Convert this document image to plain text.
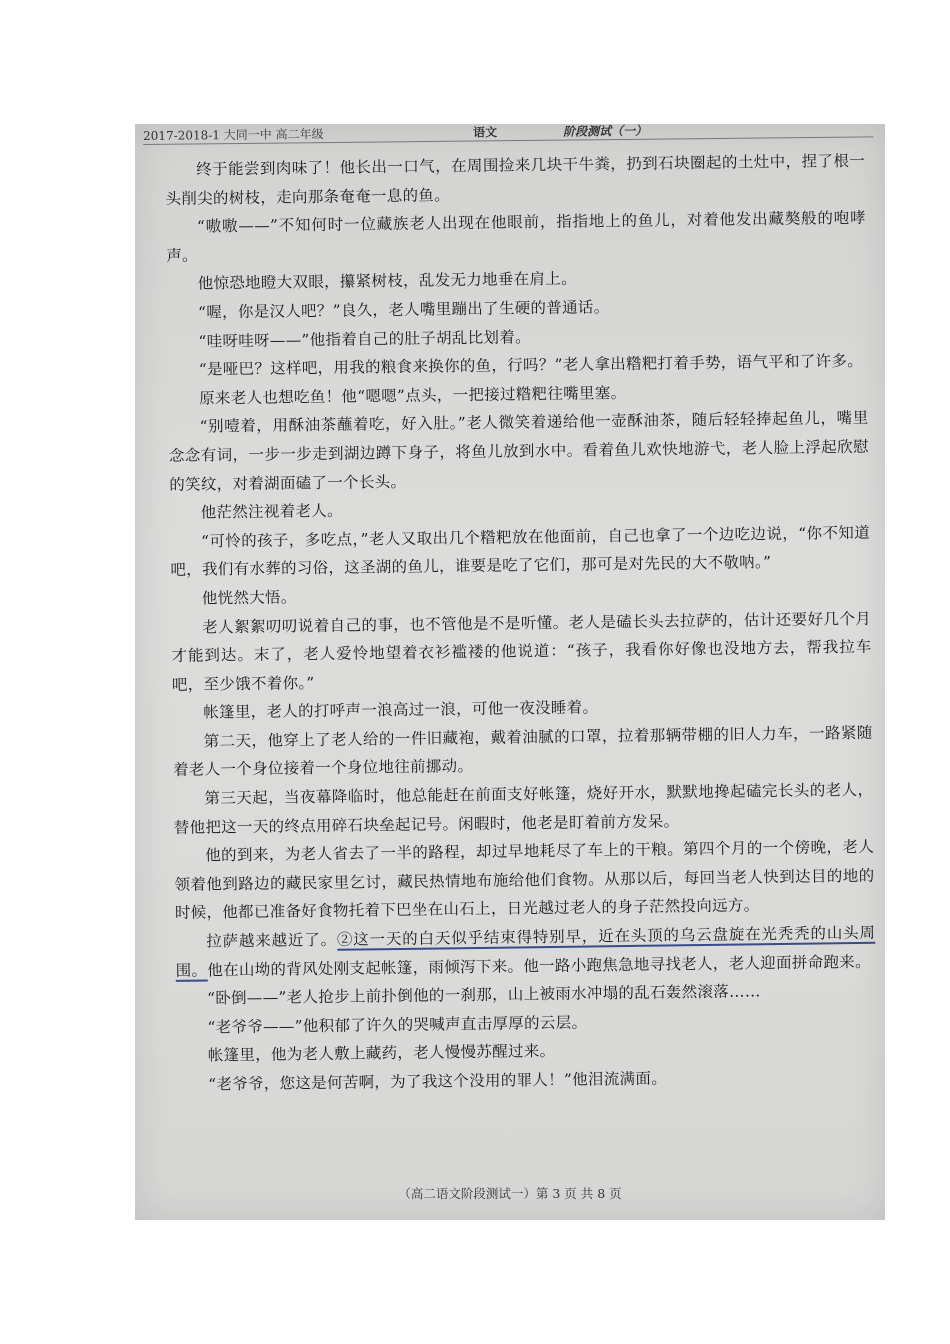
2017-2018-1 大同一中 高二年级	语文	阶段测试（一）

终于能尝到肉味了！他长出一口气，在周围捡来几块干牛粪，扔到石块圈起的土灶中，捏了根一头削尖的树枝，走向那条奄奄一息的鱼。

“嗷嗷——”不知何时一位藏族老人出现在他眼前，指指地上的鱼儿，对着他发出藏獒般的咆哮声。

他惊恐地瞪大双眼，攥紧树枝，乱发无力地垂在肩上。

“喔，你是汉人吧？”良久，老人嘴里蹦出了生硬的普通话。

“哇呀哇呀——”他指着自己的肚子胡乱比划着。

“是哑巴？这样吧，用我的粮食来换你的鱼，行吗？”老人拿出糌粑打着手势，语气平和了许多。

原来老人也想吃鱼！他“嗯嗯”点头，一把接过糌粑往嘴里塞。

“别噎着，用酥油茶蘸着吃，好入肚。”老人微笑着递给他一壶酥油茶，随后轻轻捧起鱼儿，嘴里念念有词，一步一步走到湖边蹲下身子，将鱼儿放到水中。看着鱼儿欢快地游弋，老人脸上浮起欣慰的笑纹，对着湖面磕了一个长头。

他茫然注视着老人。

“可怜的孩子，多吃点，”老人又取出几个糌粑放在他面前，自己也拿了一个边吃边说，“你不知道吧，我们有水葬的习俗，这圣湖的鱼儿，谁要是吃了它们，那可是对先民的大不敬呐。”

他恍然大悟。

老人絮絮叨叨说着自己的事，也不管他是不是听懂。老人是磕长头去拉萨的，估计还要好几个月才能到达。末了，老人爱怜地望着衣衫褴褛的他说道：“孩子，我看你好像也没地方去，帮我拉车吧，至少饿不着你。”

帐篷里，老人的打呼声一浪高过一浪，可他一夜没睡着。

第二天，他穿上了老人给的一件旧藏袍，戴着油腻的口罩，拉着那辆带棚的旧人力车，一路紧随着老人一个身位接着一个身位地往前挪动。

第三天起，当夜幕降临时，他总能赶在前面支好帐篷，烧好开水，默默地搀起磕完长头的老人，替他把这一天的终点用碎石块垒起记号。闲暇时，他老是盯着前方发呆。

他的到来，为老人省去了一半的路程，却过早地耗尽了车上的干粮。第四个月的一个傍晚，老人领着他到路边的藏民家里乞讨，藏民热情地布施给他们食物。从那以后，每回当老人快到达目的地的时候，他都已准备好食物托着下巴坐在山石上，日光越过老人的身子茫然投向远方。

拉萨越来越近了。②这一天的白天似乎结束得特别早，近在头顶的乌云盘旋在光秃秃的山头周围。他在山坳的背风处刚支起帐篷，雨倾泻下来。他一路小跑焦急地寻找老人，老人迎面拼命跑来。

“卧倒——”老人抢步上前扑倒他的一刹那，山上被雨水冲塌的乱石轰然滚落……

“老爷爷——”他积郁了许久的哭喊声直击厚厚的云层。

帐篷里，他为老人敷上藏药，老人慢慢苏醒过来。

“老爷爷，您这是何苦啊，为了我这个没用的罪人！”他泪流满面。

（高二语文阶段测试一）第 3 页 共 8 页
